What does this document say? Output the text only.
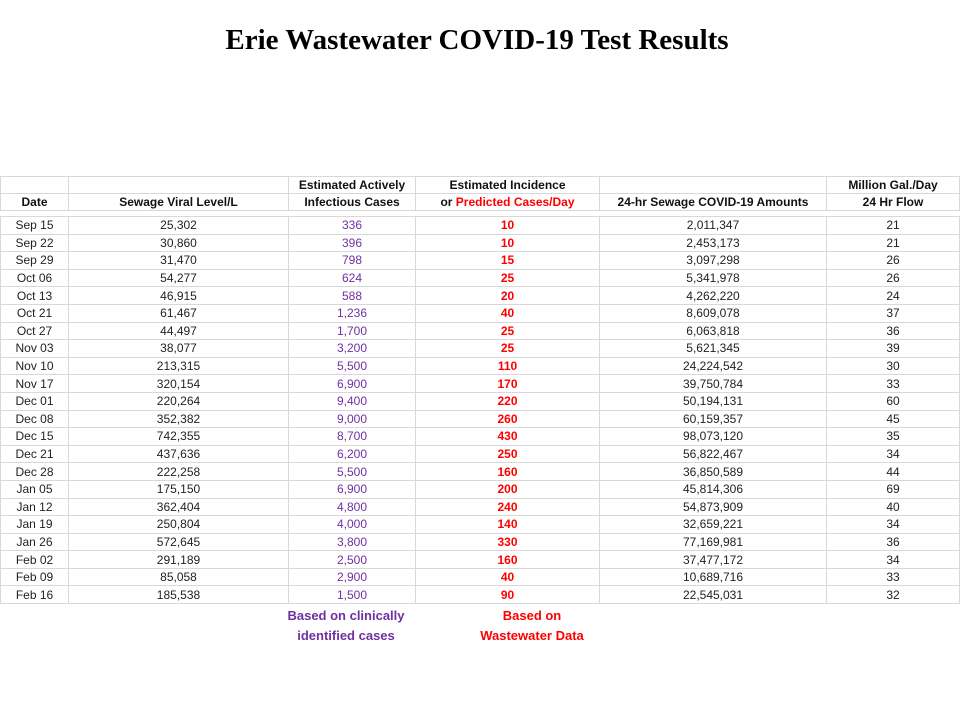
Erie Wastewater COVID-19 Test Results
		Estimated Actively	Estimated Incidence		Million Gal./Day
Date	Sewage Viral Level/L	Infectious Cases	or Predicted Cases/Day	24-hr Sewage COVID-19 Amounts	24 Hr Flow

Sep 15	25,302	336	10	2,011,347	21
Sep 22	30,860	396	10	2,453,173	21
Sep 29	31,470	798	15	3,097,298	26
Oct 06	54,277	624	25	5,341,978	26
Oct 13	46,915	588	20	4,262,220	24
Oct 21	61,467	1,236	40	8,609,078	37
Oct 27	44,497	1,700	25	6,063,818	36
Nov 03	38,077	3,200	25	5,621,345	39
Nov 10	213,315	5,500	110	24,224,542	30
Nov 17	320,154	6,900	170	39,750,784	33
Dec 01	220,264	9,400	220	50,194,131	60
Dec 08	352,382	9,000	260	60,159,357	45
Dec 15	742,355	8,700	430	98,073,120	35
Dec 21	437,636	6,200	250	56,822,467	34
Dec 28	222,258	5,500	160	36,850,589	44
Jan 05	175,150	6,900	200	45,814,306	69
Jan 12	362,404	4,800	240	54,873,909	40
Jan 19	250,804	4,000	140	32,659,221	34
Jan 26	572,645	3,800	330	77,169,981	36
Feb 02	291,189	2,500	160	37,477,172	34
Feb 09	85,058	2,900	40	10,689,716	33
Feb 16	185,538	1,500	90	22,545,031	32
Based on clinically
identified cases
Based on
Wastewater Data
